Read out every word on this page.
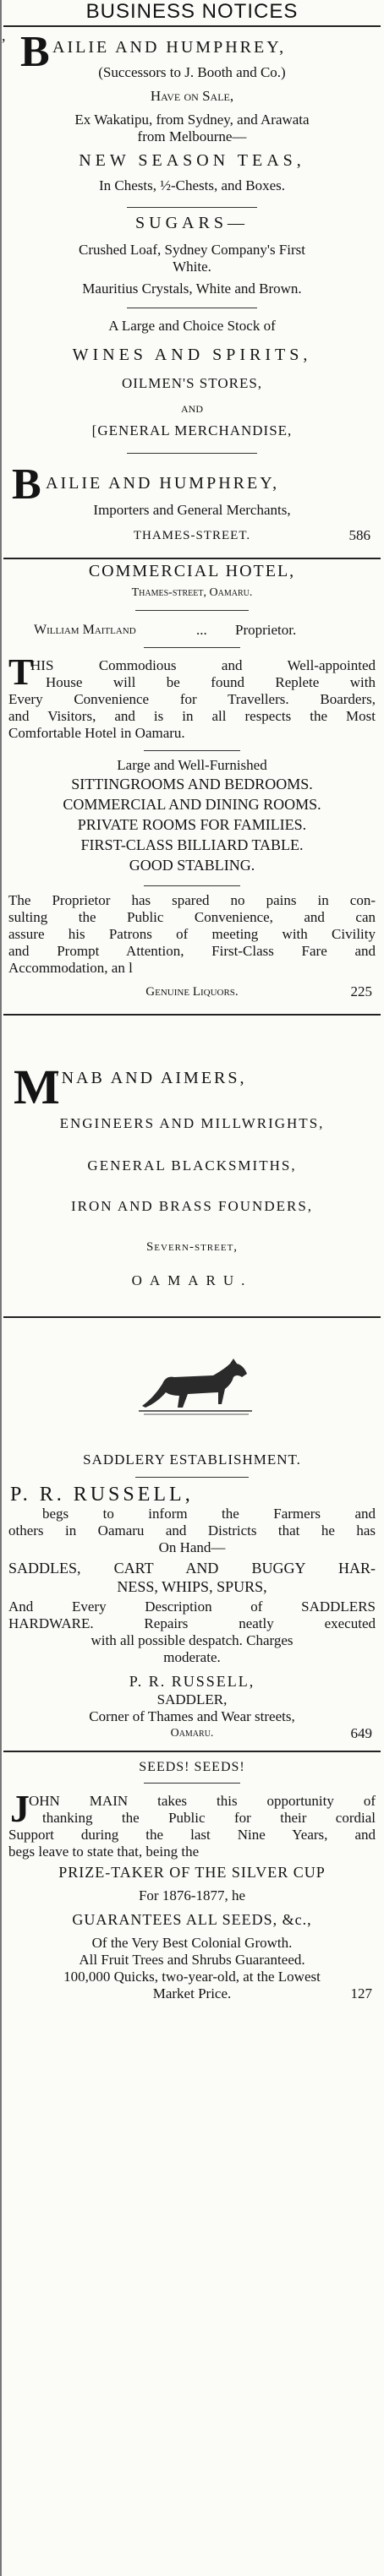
,
BUSINESS NOTICES
B AILIE AND HUMPHREY,
(Successors to J. Booth and Co.)
Have on Sale,
Ex Wakatipu, from Sydney, and Arawata
from Melbourne—
NEW SEASON TEAS,
In Chests, ½-Chests, and Boxes.
SUGARS—
Crushed Loaf, Sydney Company's First
White.
Mauritius Crystals, White and Brown.
A Large and Choice Stock of
WINES AND SPIRITS,
OILMEN'S STORES,
AND
[GENERAL MERCHANDISE,
B AILIE AND HUMPHREY,
Importers and General Merchants,
THAMES-STREET.	586
COMMERCIAL HOTEL,
Thames-street, Oamaru.
William Maitland	... Proprietor.
T
HIS Commodious and Well-appointed
House will be found Replete with
Every Convenience for Travellers. Boarders,
and Visitors, and is in all respects the Most
Comfortable Hotel in Oamaru.
Large and Well-Furnished
SITTINGROOMS AND BEDROOMS.
COMMERCIAL AND DINING ROOMS.
PRIVATE ROOMS FOR FAMILIES.
FIRST-CLASS BILLIARD TABLE.
GOOD STABLING.
The Proprietor has spared no pains in con-
sulting the Public Convenience, and can
assure his Patrons of meeting with Civility
and Prompt Attention, First-Class Fare and
Accommodation, an l
Genuine Liquors.	225
M
'NAB AND AIMERS,
ENGINEERS AND MILLWRIGHTS,
GENERAL BLACKSMITHS,
IRON AND BRASS FOUNDERS,
Severn-street,
OAMARU.
SADDLERY ESTABLISHMENT.
P. R. RUSSELL,
begs to inform the Farmers and
others in Oamaru and Districts that he has
On Hand—
SADDLES, CART AND BUGGY HAR-
NESS, WHIPS, SPURS,
And Every Description of SADDLERS
HARDWARE. Repairs neatly executed
with all possible despatch. Charges
moderate.
P. R. RUSSELL,
SADDLER,
Corner of Thames and Wear streets,
Oamaru.	649
SEEDS! SEEDS!
J OHN MAIN takes this opportunity of
thanking the Public for their cordial
Support during the last Nine Years, and
begs leave to state that, being the
PRIZE-TAKER OF THE SILVER CUP
For 1876-1877, he
GUARANTEES ALL SEEDS, &c.,
Of the Very Best Colonial Growth.
All Fruit Trees and Shrubs Guaranteed.
100,000 Quicks, two-year-old, at the Lowest
Market Price.	127
